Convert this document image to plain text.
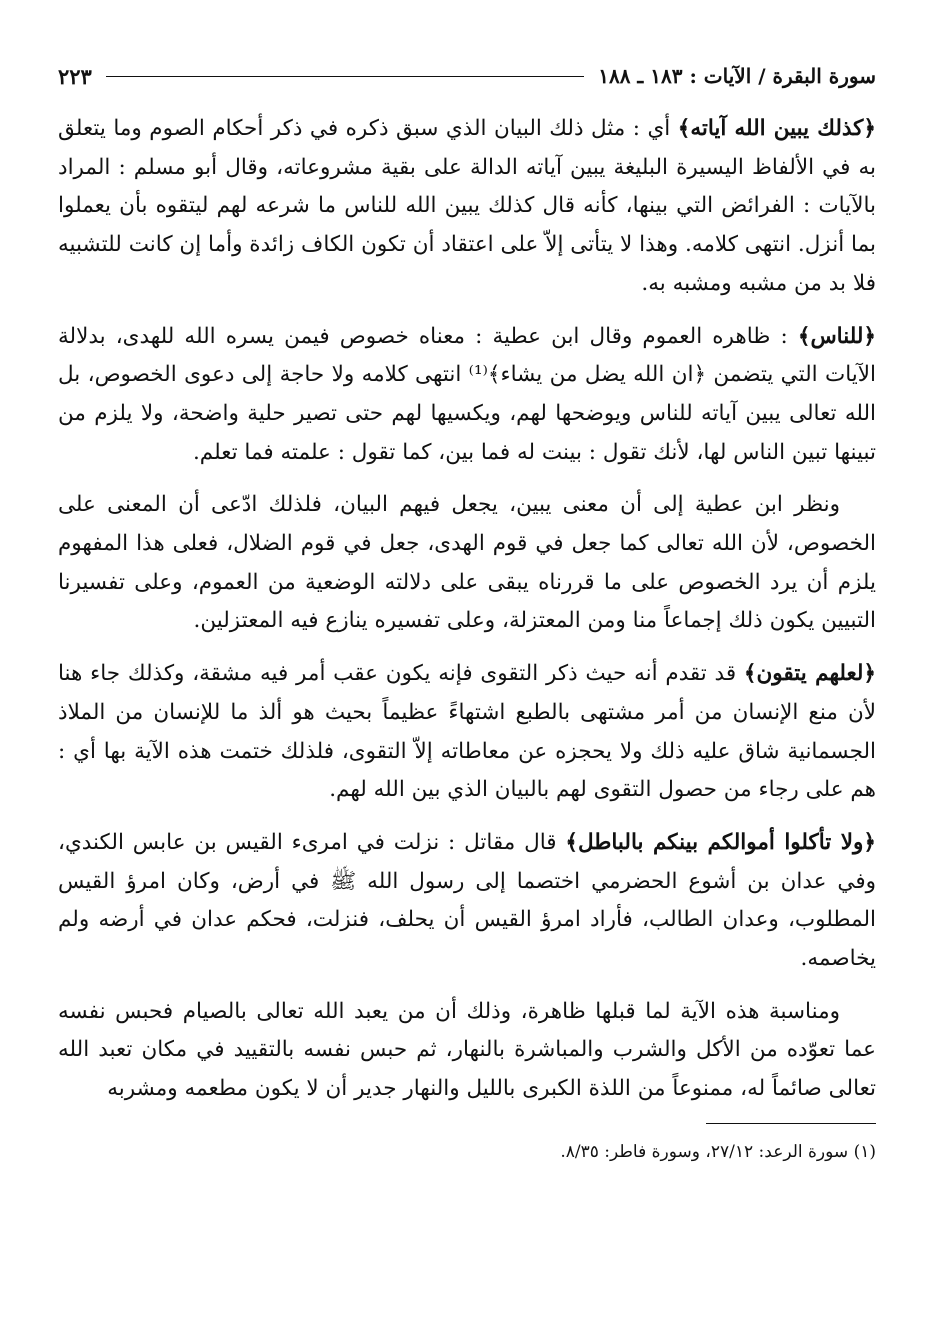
سورة البقرة / الآيات : ١٨٣ ـ ١٨٨
٢٢٣

﴿كذلك يبين الله آياته﴾ أي : مثل ذلك البيان الذي سبق ذكره في ذكر أحكام الصوم وما يتعلق به في الألفاظ اليسيرة البليغة يبين آياته الدالة على بقية مشروعاته، وقال أبو مسلم : المراد بالآيات : الفرائض التي بينها، كأنه قال كذلك يبين الله للناس ما شرعه لهم ليتقوه بأن يعملوا بما أنزل. انتهى كلامه. وهذا لا يتأتى إلاّ على اعتقاد أن تكون الكاف زائدة وأما إن كانت للتشبيه فلا بد من مشبه ومشبه به.

﴿للناس﴾ : ظاهره العموم وقال ابن عطية : معناه خصوص فيمن يسره الله للهدى، بدلالة الآيات التي يتضمن ﴿ان الله يضل من يشاء﴾⁽¹⁾ انتهى كلامه ولا حاجة إلى دعوى الخصوص، بل الله تعالى يبين آياته للناس ويوضحها لهم، ويكسيها لهم حتى تصير حلية واضحة، ولا يلزم من تبينها تبين الناس لها، لأنك تقول : بينت له فما بين، كما تقول : علمته فما تعلم.

ونظر ابن عطية إلى أن معنى يبين، يجعل فيهم البيان، فلذلك ادّعى أن المعنى على الخصوص، لأن الله تعالى كما جعل في قوم الهدى، جعل في قوم الضلال، فعلى هذا المفهوم يلزم أن يرد الخصوص على ما قررناه يبقى على دلالته الوضعية من العموم، وعلى تفسيرنا التبيين يكون ذلك إجماعاً منا ومن المعتزلة، وعلى تفسيره ينازع فيه المعتزلين.

﴿لعلهم يتقون﴾ قد تقدم أنه حيث ذكر التقوى فإنه يكون عقب أمر فيه مشقة، وكذلك جاء هنا لأن منع الإنسان من أمر مشتهى بالطبع اشتهاءً عظيماً بحيث هو ألذ ما للإنسان من الملاذ الجسمانية شاق عليه ذلك ولا يحجزه عن معاطاته إلاّ التقوى، فلذلك ختمت هذه الآية بها أي : هم على رجاء من حصول التقوى لهم بالبيان الذي بين الله لهم.

﴿ولا تأكلوا أموالكم بينكم بالباطل﴾ قال مقاتل : نزلت في امرىء القيس بن عابس الكندي، وفي عدان بن أشوع الحضرمي اختصما إلى رسول الله ﷺ في أرض، وكان امرؤ القيس المطلوب، وعدان الطالب، فأراد امرؤ القيس أن يحلف، فنزلت، فحكم عدان في أرضه ولم يخاصمه.

ومناسبة هذه الآية لما قبلها ظاهرة، وذلك أن من يعبد الله تعالى بالصيام فحبس نفسه عما تعوّده من الأكل والشرب والمباشرة بالنهار، ثم حبس نفسه بالتقييد في مكان تعبد الله تعالى صائماً له، ممنوعاً من اللذة الكبرى بالليل والنهار جدير أن لا يكون مطعمه ومشربه

(١) سورة الرعد: ٢٧/١٢، وسورة فاطر: ٨/٣٥.
